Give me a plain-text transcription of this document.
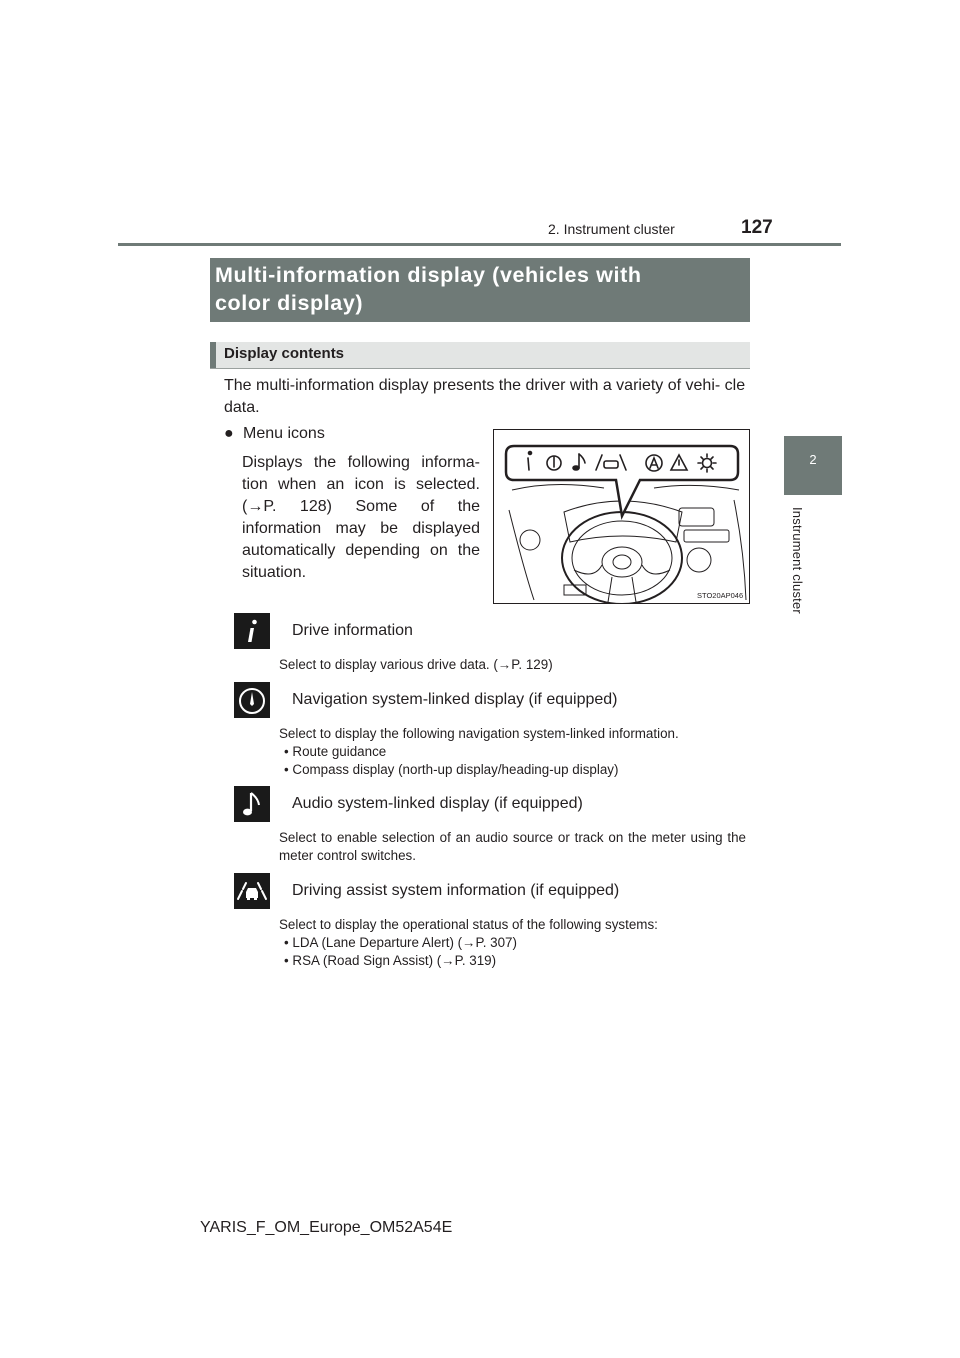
2. Instrument cluster	127
2
Instrument cluster
Multi-information display (vehicles with
color display)
Display contents
The multi-information display presents the driver with a variety of vehi- cle data.
● Menu icons
Displays the following informa- tion when an icon is selected. (→P. 128) Some of the information may be displayed automatically depending on the situation.
STO20AP046
Drive information
Select to display various drive data. (→P. 129)
Navigation system-linked display (if equipped)
Select to display the following navigation system-linked information.
• Route guidance
• Compass display (north-up display/heading-up display)
Audio system-linked display (if equipped)
Select to enable selection of an audio source or track on the meter using the meter control switches.
Driving assist system information (if equipped)
Select to display the operational status of the following systems:
• LDA (Lane Departure Alert) (→P. 307)
• RSA (Road Sign Assist) (→P. 319)
YARIS_F_OM_Europe_OM52A54E
